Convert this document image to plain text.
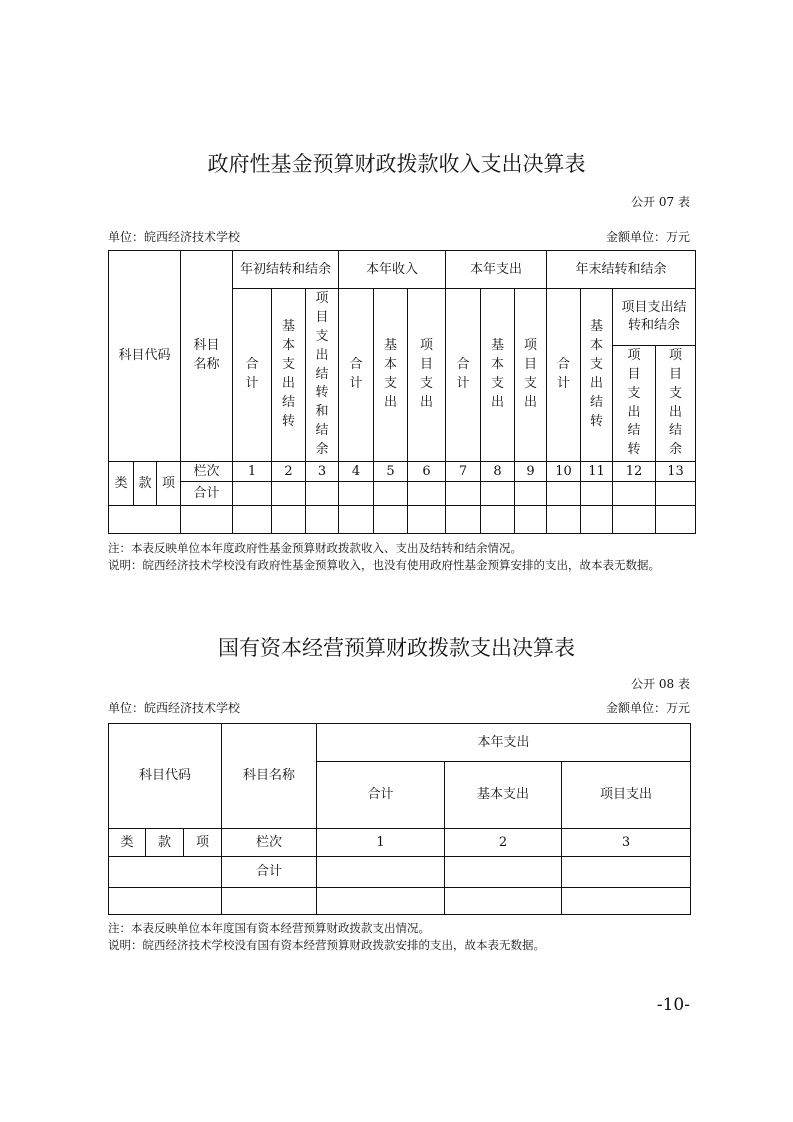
政府性基金预算财政拨款收入支出决算表
公开 07 表
单位：皖西经济技术学校	金额单位：万元
科目代码			科目名称	年初结转和结余			本年收入			本年支出			年末结转和结余			
				合计	基本支出结转	项目支出结转和结余	合计	基本支出	项目支出	合计	基本支出	项目支出	合计	基本支出结转	项目支出结转和结余	
															项目支出结转	项目支出结余

类	款	项	栏次	1	2	3	4	5	6	7	8	9	10	11	12	13
			合计													

注：本表反映单位本年度政府性基金预算财政拨款收入、支出及结转和结余情况。
说明：皖西经济技术学校没有政府性基金预算收入，也没有使用政府性基金预算安排的支出，故本表无数据。
国有资本经营预算财政拨款支出决算表
公开 08 表
单位：皖西经济技术学校	金额单位：万元
科目代码			科目名称	本年支出		
				合计	基本支出	项目支出
类	款	项	栏次	1	2	3
			合计			

注：本表反映单位本年度国有资本经营预算财政拨款支出情况。
说明：皖西经济技术学校没有国有资本经营预算财政拨款安排的支出，故本表无数据。
-10-
